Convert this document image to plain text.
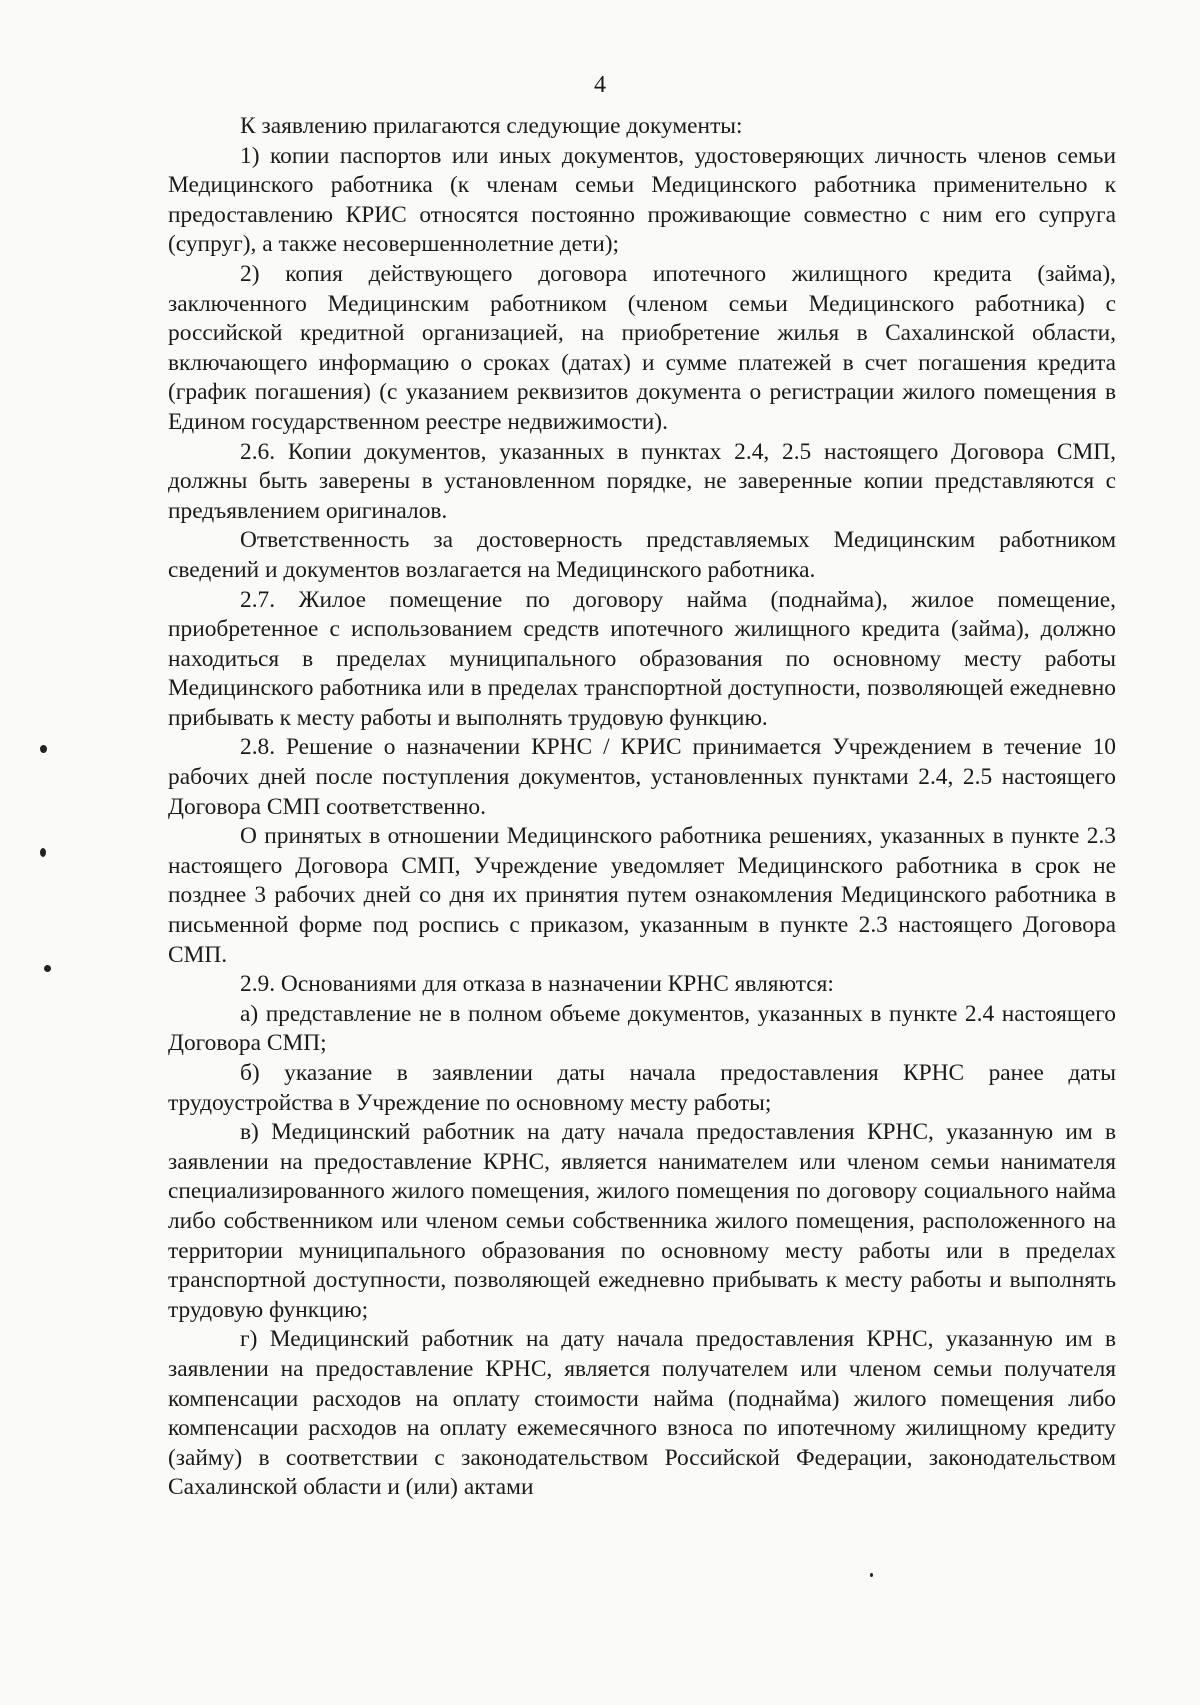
4

К заявлению прилагаются следующие документы:

1) копии паспортов или иных документов, удостоверяющих личность членов семьи Медицинского работника (к членам семьи Медицинского работника применительно к предоставлению КРИС относятся постоянно проживающие совместно с ним его супруга (супруг), а также несовершеннолетние дети);

2) копия действующего договора ипотечного жилищного кредита (займа), заключенного Медицинским работником (членом семьи Медицинского работника) с российской кредитной организацией, на приобретение жилья в Сахалинской области, включающего информацию о сроках (датах) и сумме платежей в счет погашения кредита (график погашения) (с указанием реквизитов документа о регистрации жилого помещения в Едином государственном реестре недвижимости).

2.6. Копии документов, указанных в пунктах 2.4, 2.5 настоящего Договора СМП, должны быть заверены в установленном порядке, не заверенные копии представляются с предъявлением оригиналов.

Ответственность за достоверность представляемых Медицинским работником сведений и документов возлагается на Медицинского работника.

2.7. Жилое помещение по договору найма (поднайма), жилое помещение, приобретенное с использованием средств ипотечного жилищного кредита (займа), должно находиться в пределах муниципального образования по основному месту работы Медицинского работника или в пределах транспортной доступности, позволяющей ежедневно прибывать к месту работы и выполнять трудовую функцию.

2.8. Решение о назначении КРНС / КРИС принимается Учреждением в течение 10 рабочих дней после поступления документов, установленных пунктами 2.4, 2.5 настоящего Договора СМП соответственно.

О принятых в отношении Медицинского работника решениях, указанных в пункте 2.3 настоящего Договора СМП, Учреждение уведомляет Медицинского работника в срок не позднее 3 рабочих дней со дня их принятия путем ознакомления Медицинского работника в письменной форме под роспись с приказом, указанным в пункте 2.3 настоящего Договора СМП.

2.9. Основаниями для отказа в назначении КРНС являются:

а) представление не в полном объеме документов, указанных в пункте 2.4 настоящего Договора СМП;

б) указание в заявлении даты начала предоставления КРНС ранее даты трудоустройства в Учреждение по основному месту работы;

в) Медицинский работник на дату начала предоставления КРНС, указанную им в заявлении на предоставление КРНС, является нанимателем или членом семьи нанимателя специализированного жилого помещения, жилого помещения по договору социального найма либо собственником или членом семьи собственника жилого помещения, расположенного на территории муниципального образования по основному месту работы или в пределах транспортной доступности, позволяющей ежедневно прибывать к месту работы и выполнять трудовую функцию;

г) Медицинский работник на дату начала предоставления КРНС, указанную им в заявлении на предоставление КРНС, является получателем или членом семьи получателя компенсации расходов на оплату стоимости найма (поднайма) жилого помещения либо компенсации расходов на оплату ежемесячного взноса по ипотечному жилищному кредиту (займу) в соответствии с законодательством Российской Федерации, законодательством Сахалинской области и (или) актами
